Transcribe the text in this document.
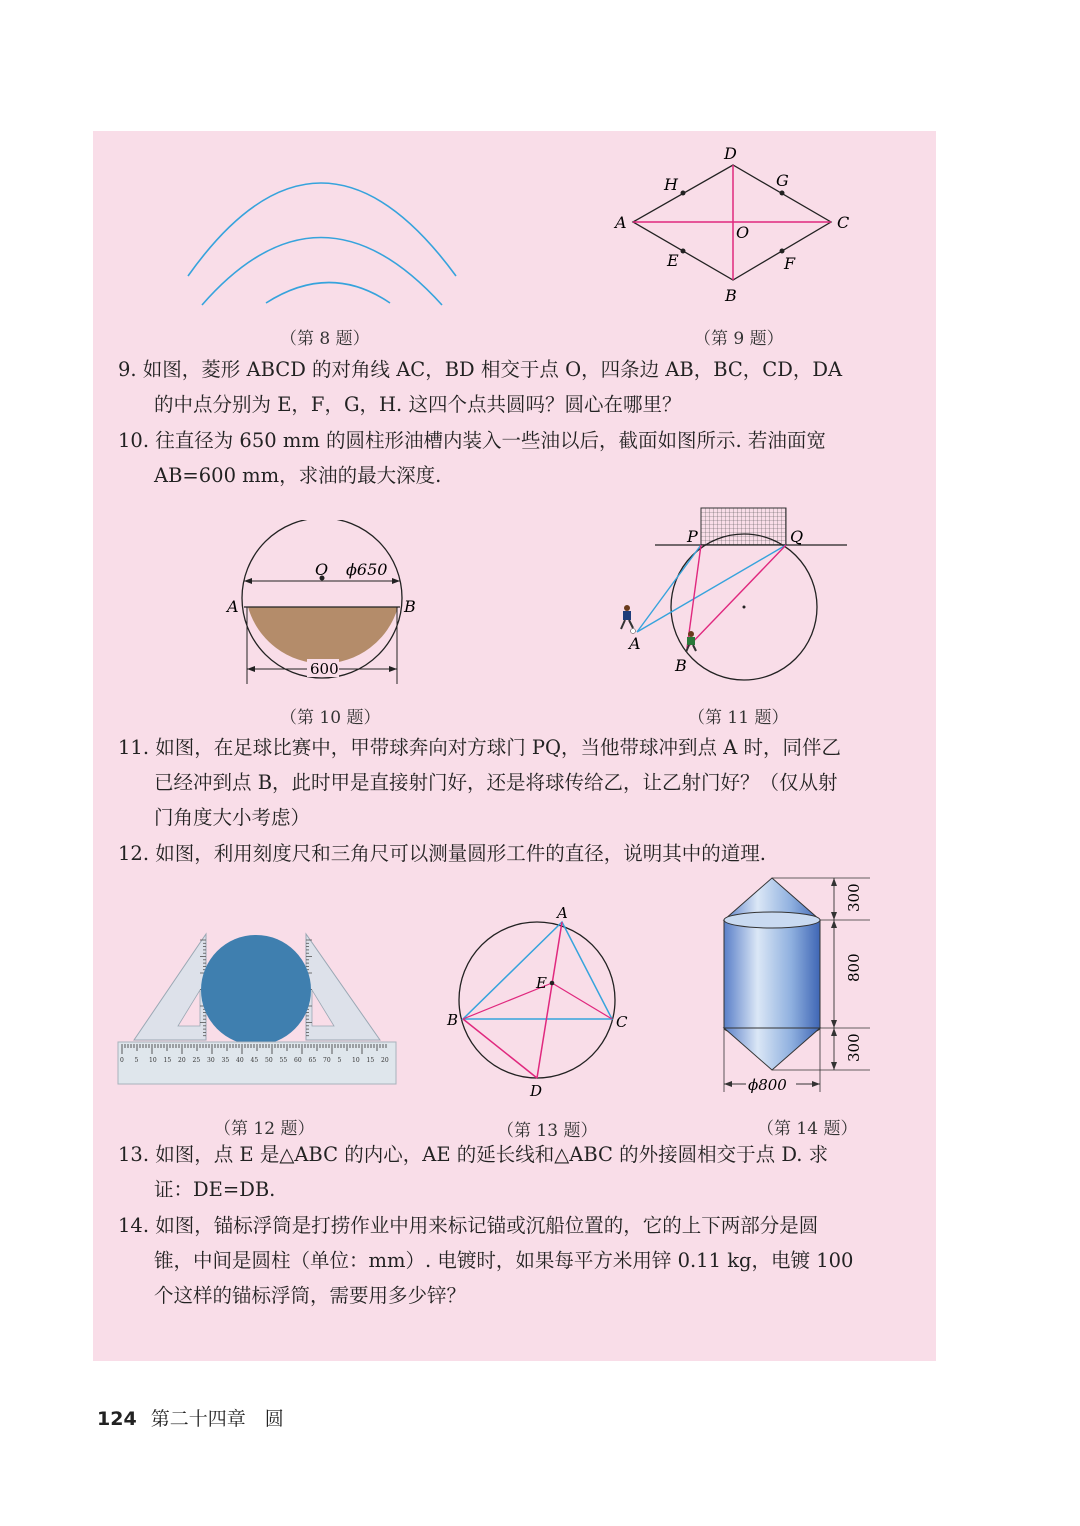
（第 8 题）
D
G
H
A	C
O
E	F
B
（第 9 题）
9. 如图，菱形 ABCD 的对角线 AC，BD 相交于点 O，四条边 AB，BC，CD，DA
的中点分别为 E，F，G，H. 这四个点共圆吗？圆心在哪里？
10. 往直径为 650 mm 的圆柱形油槽内装入一些油以后，截面如图所示. 若油面宽
AB=600 mm，求油的最大深度.
O ϕ650
A	B
600
（第 10 题）
P	Q
A
B
（第 11 题）
11. 如图，在足球比赛中，甲带球奔向对方球门 PQ，当他带球冲到点 A 时，同伴乙
已经冲到点 B，此时甲是直接射门好，还是将球传给乙，让乙射门好？（仅从射
门角度大小考虑）
12. 如图，利用刻度尺和三角尺可以测量圆形工件的直径，说明其中的道理.
0 5 10 15 20 25 30 35 40 45 50 55 60 65 70 5 10 15 20
（第 12 题）
A
E
B	C
D
（第 13 题）
300
800
300
ϕ800
（第 14 题）
13. 如图，点 E 是△ABC 的内心，AE 的延长线和△ABC 的外接圆相交于点 D. 求
证：DE=DB.
14. 如图，锚标浮筒是打捞作业中用来标记锚或沉船位置的，它的上下两部分是圆
锥，中间是圆柱（单位：mm）. 电镀时，如果每平方米用锌 0.11 kg，电镀 100
个这样的锚标浮筒，需要用多少锌？
124 第二十四章　圆
